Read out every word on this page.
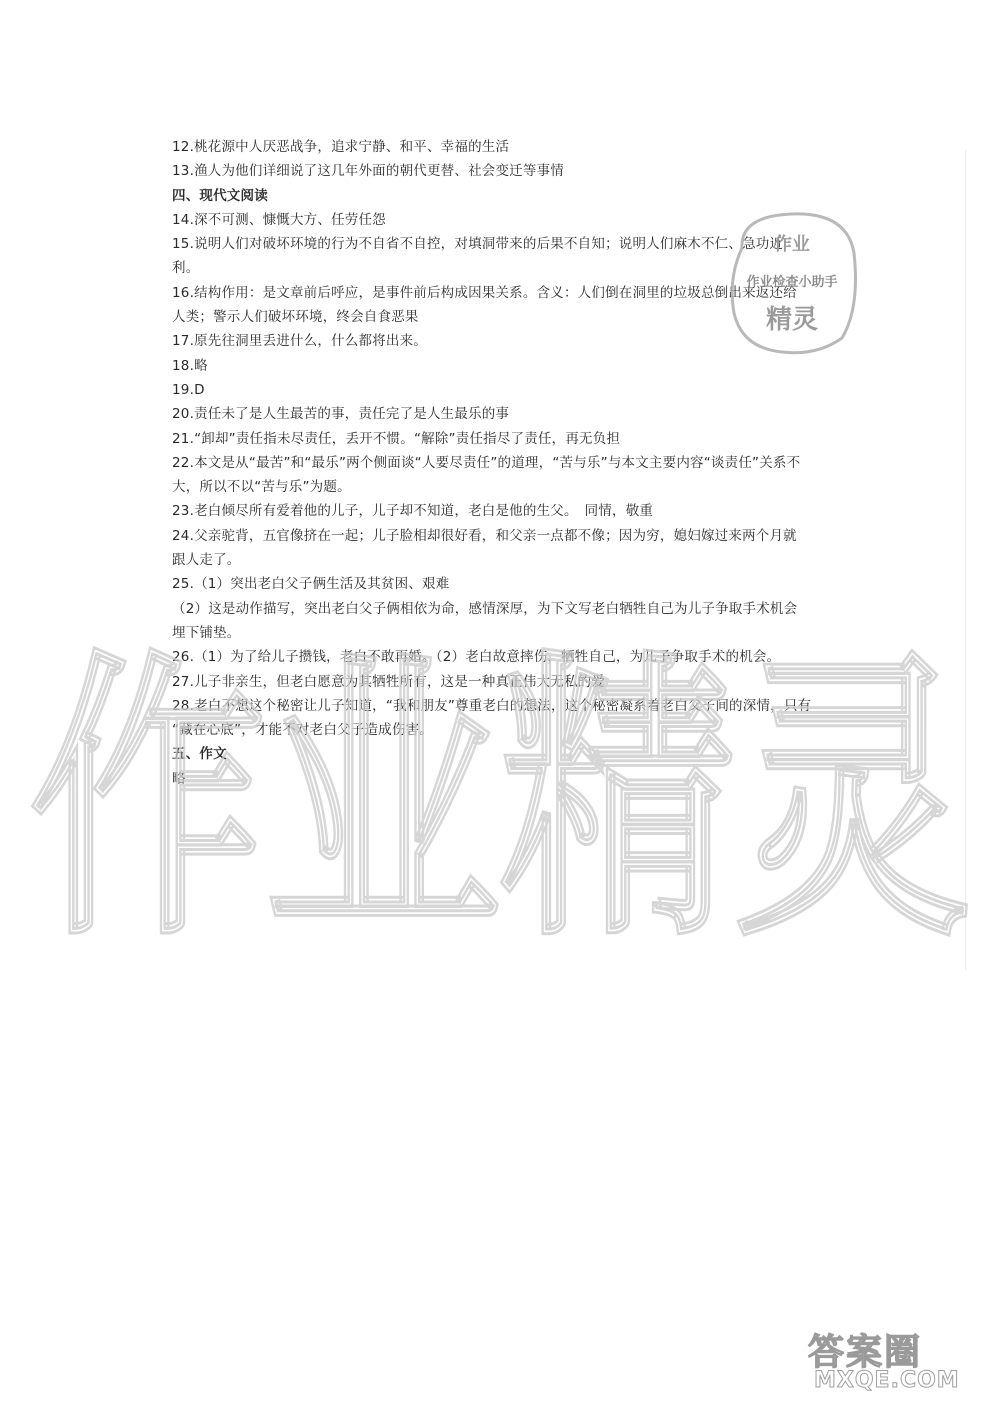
12.桃花源中人厌恶战争，追求宁静、和平、幸福的生活
13.渔人为他们详细说了这几年外面的朝代更替、社会变迁等事情
四、现代文阅读
14.深不可测、慷慨大方、任劳任怨
15.说明人们对破坏环境的行为不自省不自控，对填洞带来的后果不自知；说明人们麻木不仁、急功近
利。
16.结构作用：是文章前后呼应，是事件前后构成因果关系。含义：人们倒在洞里的垃圾总倒出来返还给
人类；警示人们破坏环境，终会自食恶果
17.原先往洞里丢进什么，什么都将出来。
18.略
19.D
20.责任未了是人生最苦的事，责任完了是人生最乐的事
21.“卸却”责任指未尽责任，丢开不惯。“解除”责任指尽了责任，再无负担
22.本文是从“最苦”和“最乐”两个侧面谈“人要尽责任”的道理，“苦与乐”与本文主要内容“谈责任”关系不
大，所以不以“苦与乐”为题。
23.老白倾尽所有爱着他的儿子，儿子却不知道，老白是他的生父。　同情，敬重
24.父亲驼背，五官像挤在一起；儿子脸相却很好看，和父亲一点都不像；因为穷，媳妇嫁过来两个月就
跟人走了。
25.（1）突出老白父子俩生活及其贫困、艰难
（2）这是动作描写，突出老白父子俩相依为命，感情深厚，为下文写老白牺牲自己为儿子争取手术机会
埋下铺垫。
26.（1）为了给儿子攒钱，老白不敢再婚。（2）老白故意摔伤，牺牲自己，为儿子争取手术的机会。
27.儿子非亲生，但老白愿意为其牺牲所有，这是一种真正伟大无私的爱
28.老白不想这个秘密让儿子知道，“我和朋友”尊重老白的想法，这个秘密凝系着老白父子间的深情，只有
“藏在心底”，才能不对老白父子造成伤害。
五、作文
略
作业精灵
作业
作业检查小助手
精灵
答案圈
MXQE.COM
